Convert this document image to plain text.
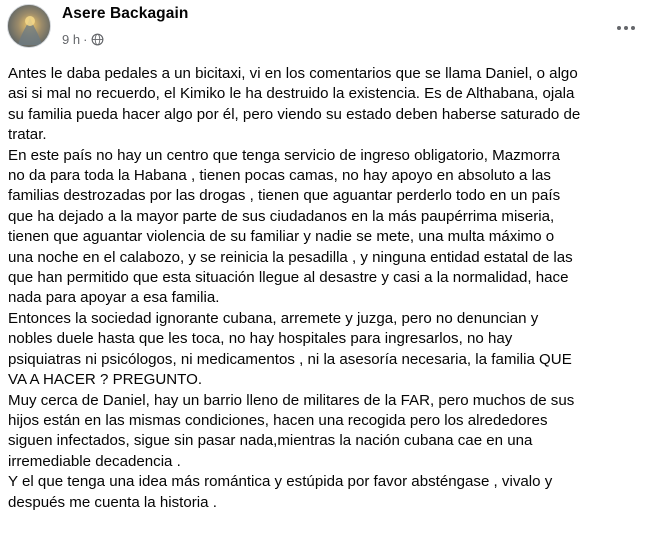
Asere Backagain
9 h ·

Antes le daba pedales a un bicitaxi, vi en los comentarios que se llama Daniel, o algo
asi si mal no recuerdo, el Kimiko le ha destruido la existencia. Es de Althabana, ojala
su familia pueda hacer algo por él, pero viendo su estado deben haberse saturado de
tratar.

En este país no hay un centro que tenga servicio de ingreso obligatorio, Mazmorra
no da para toda la Habana , tienen pocas camas, no hay apoyo en absoluto a las
familias destrozadas por las drogas , tienen que aguantar perderlo todo en un país
que ha dejado a la mayor parte de sus ciudadanos en la más paupérrima miseria,
tienen que aguantar violencia de su familiar y nadie se mete, una multa máximo o
una noche en el calabozo, y se reinicia la pesadilla , y ninguna entidad estatal de las
que han permitido que esta situación llegue al desastre y casi a la normalidad, hace
nada para apoyar a esa familia.

Entonces la sociedad ignorante cubana, arremete y juzga, pero no denuncian y
nobles duele hasta que les toca, no hay hospitales para ingresarlos, no hay
psiquiatras ni psicólogos, ni medicamentos , ni la asesoría necesaria, la familia QUE
VA A HACER ? PREGUNTO.

Muy cerca de Daniel, hay un barrio lleno de militares de la FAR, pero muchos de sus
hijos están en las mismas condiciones, hacen una recogida pero los alrededores
siguen infectados, sigue sin pasar nada,mientras la nación cubana cae en una
irremediable decadencia .

Y el que tenga una idea más romántica y estúpida por favor absténgase , vivalo y
después me cuenta la historia .
